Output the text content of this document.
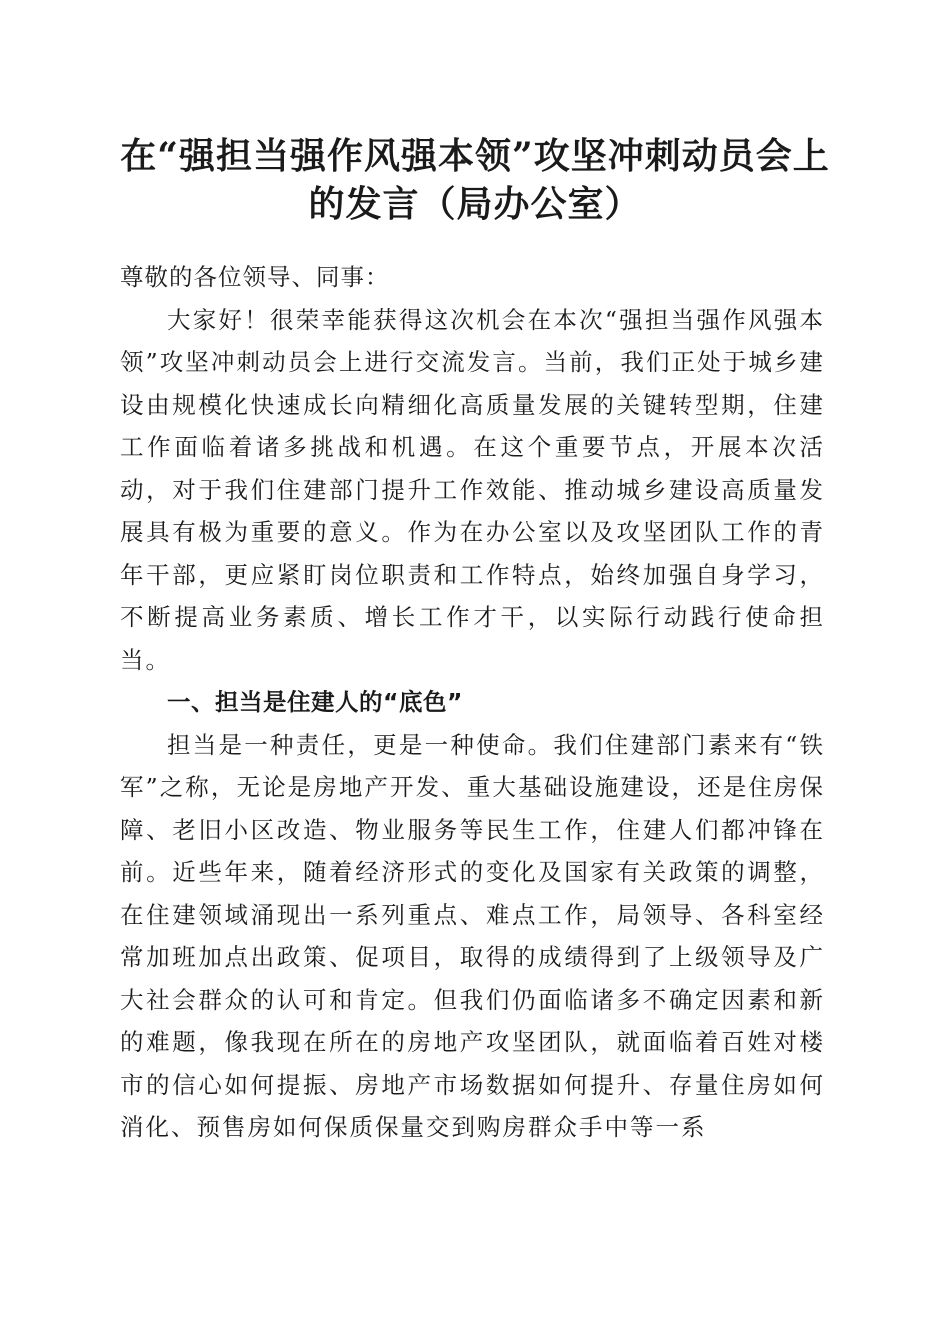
在“强担当强作风强本领”攻坚冲刺动员会上
的发言（局办公室）

尊敬的各位领导、同事：

大家好！很荣幸能获得这次机会在本次“强担当强作风强本领”攻坚冲刺动员会上进行交流发言。当前，我们正处于城乡建设由规模化快速成长向精细化高质量发展的关键转型期，住建工作面临着诸多挑战和机遇。在这个重要节点，开展本次活动，对于我们住建部门提升工作效能、推动城乡建设高质量发展具有极为重要的意义。作为在办公室以及攻坚团队工作的青年干部，更应紧盯岗位职责和工作特点，始终加强自身学习，不断提高业务素质、增长工作才干，以实际行动践行使命担当。

一、担当是住建人的“底色”

担当是一种责任，更是一种使命。我们住建部门素来有“铁军”之称，无论是房地产开发、重大基础设施建设，还是住房保障、老旧小区改造、物业服务等民生工作，住建人们都冲锋在前。近些年来，随着经济形式的变化及国家有关政策的调整，在住建领域涌现出一系列重点、难点工作，局领导、各科室经常加班加点出政策、促项目，取得的成绩得到了上级领导及广大社会群众的认可和肯定。但我们仍面临诸多不确定因素和新的难题，像我现在所在的房地产攻坚团队，就面临着百姓对楼市的信心如何提振、房地产市场数据如何提升、存量住房如何消化、预售房如何保质保量交到购房群众手中等一系
